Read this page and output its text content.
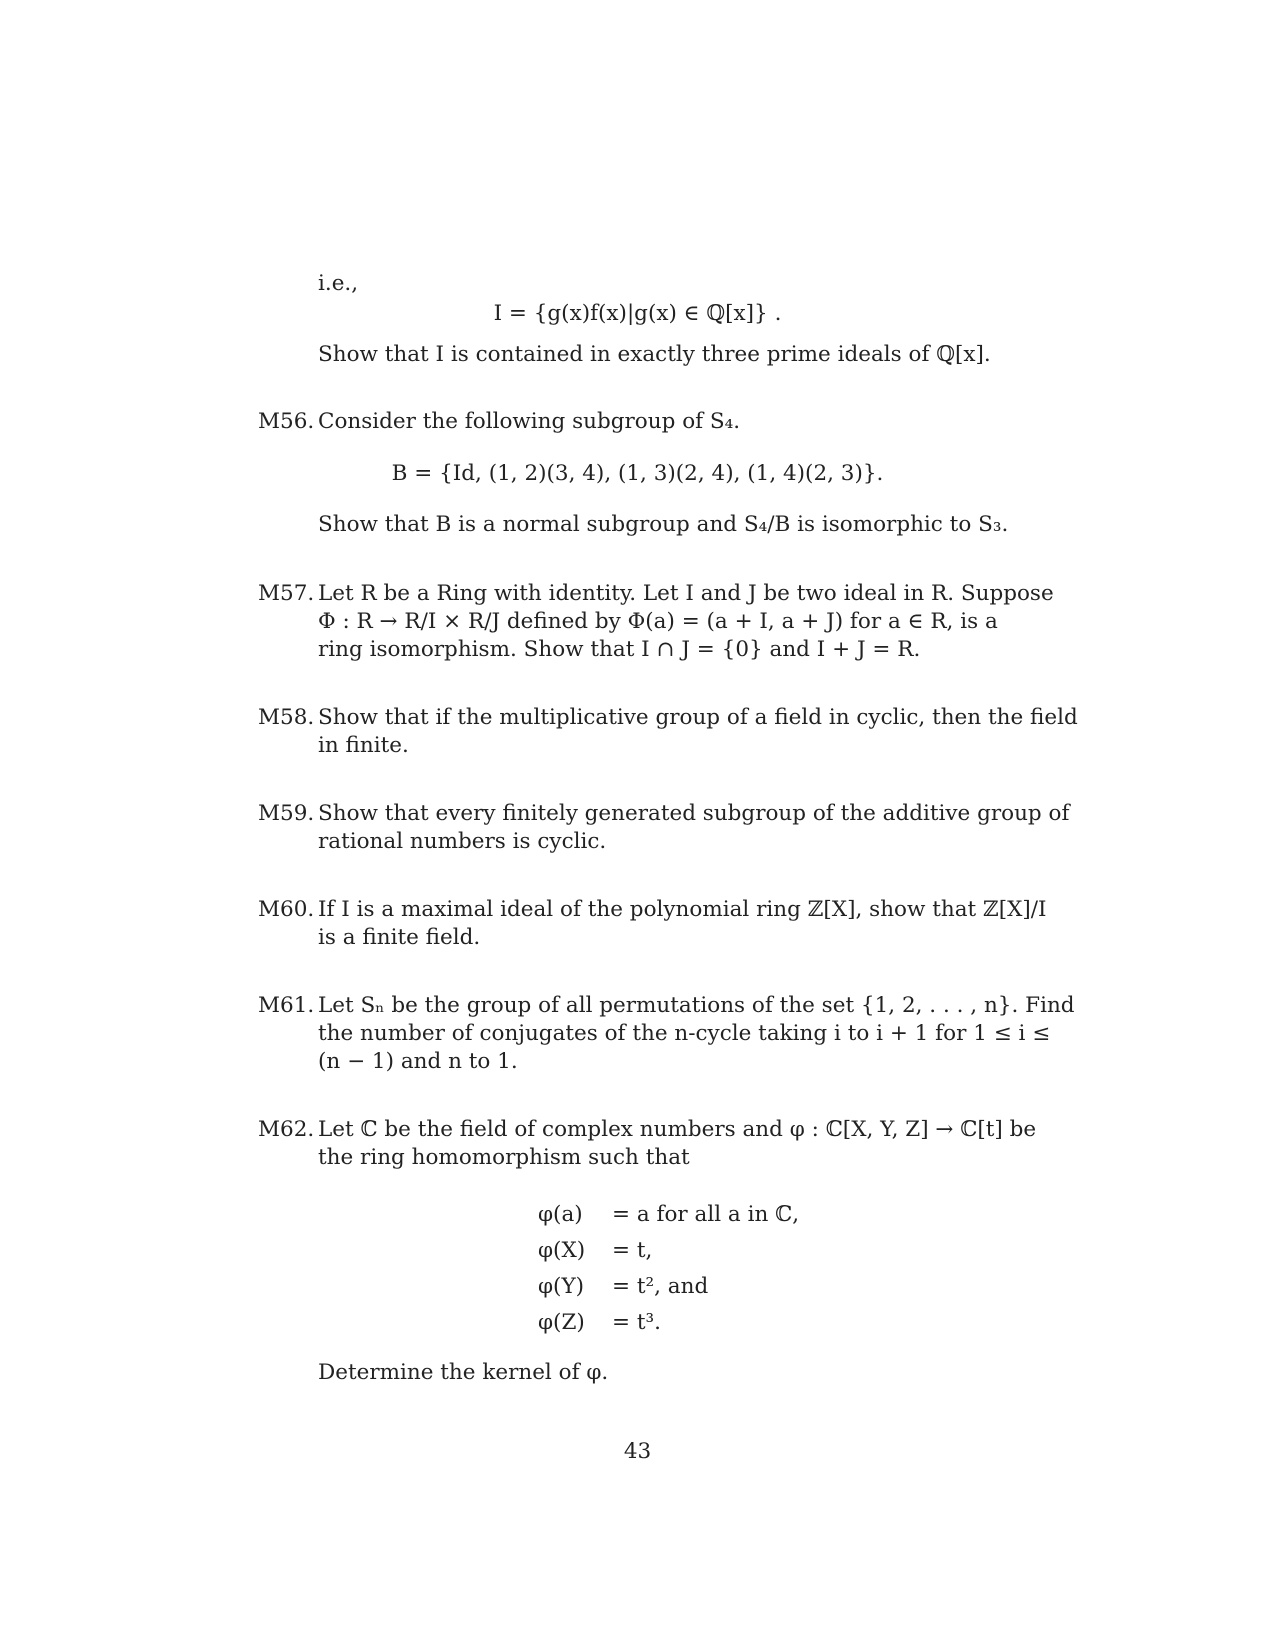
i.e.,
I = {g(x)f(x)|g(x) ∈ ℚ[x]} .
Show that I is contained in exactly three prime ideals of ℚ[x].
M56. Consider the following subgroup of S₄.
B = {Id, (1, 2)(3, 4), (1, 3)(2, 4), (1, 4)(2, 3)}.
Show that B is a normal subgroup and S₄/B is isomorphic to S₃.
M57. Let R be a Ring with identity. Let I and J be two ideal in R. Suppose
Φ : R → R/I × R/J defined by Φ(a) = (a + I, a + J) for a ∈ R, is a
ring isomorphism. Show that I ∩ J = {0} and I + J = R.
M58. Show that if the multiplicative group of a field in cyclic, then the field
in finite.
M59. Show that every finitely generated subgroup of the additive group of
rational numbers is cyclic.
M60. If I is a maximal ideal of the polynomial ring ℤ[X], show that ℤ[X]/I
is a finite field.
M61. Let Sₙ be the group of all permutations of the set {1, 2, . . . , n}. Find
the number of conjugates of the n-cycle taking i to i + 1 for 1 ≤ i ≤
(n − 1) and n to 1.
M62. Let ℂ be the field of complex numbers and φ : ℂ[X, Y, Z] → ℂ[t] be
the ring homomorphism such that
φ(a) = a for all a in ℂ,
φ(X) = t,
φ(Y) = t², and
φ(Z) = t³.
Determine the kernel of φ.
43
